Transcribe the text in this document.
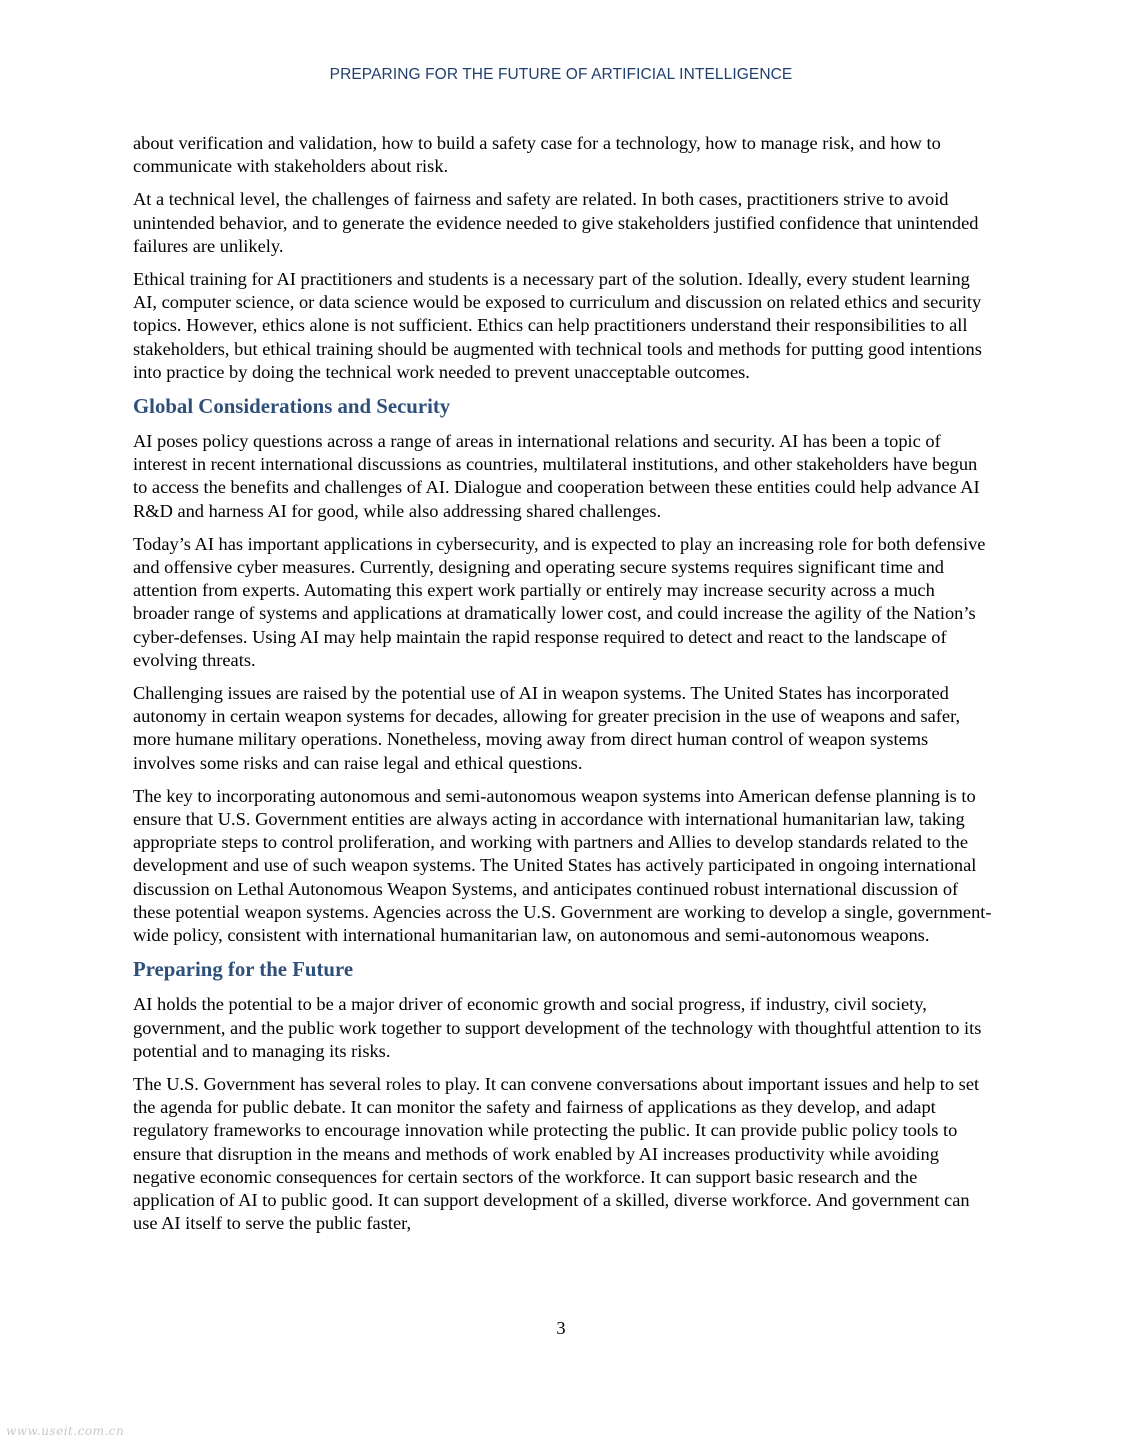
PREPARING FOR THE FUTURE OF ARTIFICIAL INTELLIGENCE

about verification and validation, how to build a safety case for a technology, how to manage risk, and how to communicate with stakeholders about risk.

At a technical level, the challenges of fairness and safety are related. In both cases, practitioners strive to avoid unintended behavior, and to generate the evidence needed to give stakeholders justified confidence that unintended failures are unlikely.

Ethical training for AI practitioners and students is a necessary part of the solution. Ideally, every student learning AI, computer science, or data science would be exposed to curriculum and discussion on related ethics and security topics. However, ethics alone is not sufficient. Ethics can help practitioners understand their responsibilities to all stakeholders, but ethical training should be augmented with technical tools and methods for putting good intentions into practice by doing the technical work needed to prevent unacceptable outcomes.

Global Considerations and Security

AI poses policy questions across a range of areas in international relations and security. AI has been a topic of interest in recent international discussions as countries, multilateral institutions, and other stakeholders have begun to access the benefits and challenges of AI. Dialogue and cooperation between these entities could help advance AI R&D and harness AI for good, while also addressing shared challenges.

Today’s AI has important applications in cybersecurity, and is expected to play an increasing role for both defensive and offensive cyber measures. Currently, designing and operating secure systems requires significant time and attention from experts. Automating this expert work partially or entirely may increase security across a much broader range of systems and applications at dramatically lower cost, and could increase the agility of the Nation’s cyber-defenses. Using AI may help maintain the rapid response required to detect and react to the landscape of evolving threats.

Challenging issues are raised by the potential use of AI in weapon systems. The United States has incorporated autonomy in certain weapon systems for decades, allowing for greater precision in the use of weapons and safer, more humane military operations. Nonetheless, moving away from direct human control of weapon systems involves some risks and can raise legal and ethical questions.

The key to incorporating autonomous and semi-autonomous weapon systems into American defense planning is to ensure that U.S. Government entities are always acting in accordance with international humanitarian law, taking appropriate steps to control proliferation, and working with partners and Allies to develop standards related to the development and use of such weapon systems. The United States has actively participated in ongoing international discussion on Lethal Autonomous Weapon Systems, and anticipates continued robust international discussion of these potential weapon systems. Agencies across the U.S. Government are working to develop a single, government-wide policy, consistent with international humanitarian law, on autonomous and semi-autonomous weapons.

Preparing for the Future

AI holds the potential to be a major driver of economic growth and social progress, if industry, civil society, government, and the public work together to support development of the technology with thoughtful attention to its potential and to managing its risks.

The U.S. Government has several roles to play. It can convene conversations about important issues and help to set the agenda for public debate. It can monitor the safety and fairness of applications as they develop, and adapt regulatory frameworks to encourage innovation while protecting the public. It can provide public policy tools to ensure that disruption in the means and methods of work enabled by AI increases productivity while avoiding negative economic consequences for certain sectors of the workforce. It can support basic research and the application of AI to public good. It can support development of a skilled, diverse workforce. And government can use AI itself to serve the public faster,

3
www.useit.com.cn
